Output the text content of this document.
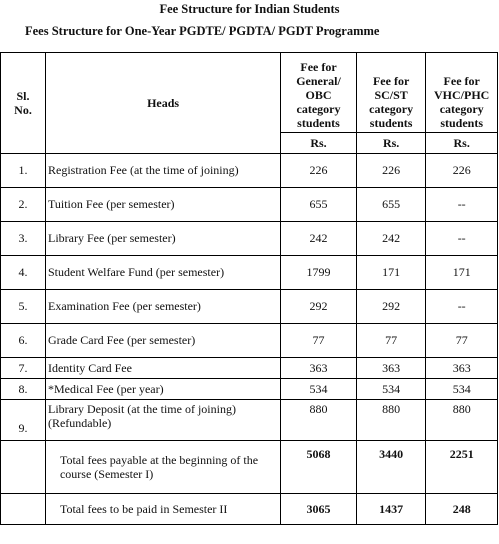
Fee Structure for Indian Students
Fees Structure for One-Year PGDTE/ PGDTA/ PGDT Programme
Sl.
No.	Heads	Fee for General/ OBC category students	Fee for SC/ST category students	Fee for VHC/PHC category students
		Rs.	Rs.	Rs.
1.	Registration Fee (at the time of joining)	226	226	226
2.	Tuition Fee (per semester)	655	655	--
3.	Library Fee (per semester)	242	242	--
4.	Student Welfare Fund (per semester)	1799	171	171
5.	Examination Fee (per semester)	292	292	--
6.	Grade Card Fee (per semester)	77	77	77
7.	Identity Card Fee	363	363	363
8.	*Medical Fee (per year)	534	534	534
9.	Library Deposit (at the time of joining) (Refundable)	880	880	880
	Total fees payable at the beginning of the course (Semester I)	5068	3440	2251
	Total fees to be paid in Semester II	3065	1437	248
